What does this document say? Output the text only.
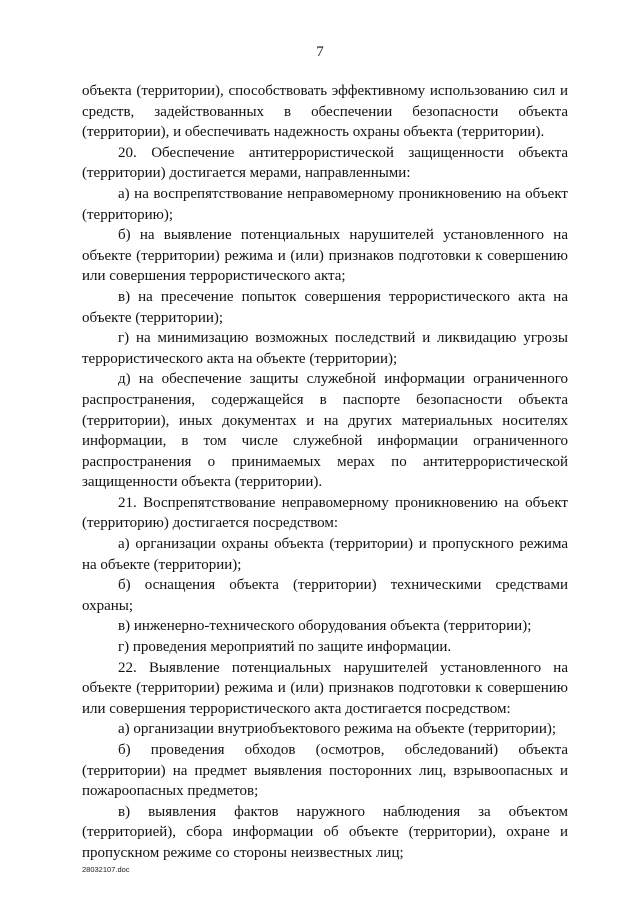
7

объекта (территории), способствовать эффективному использованию сил и средств, задействованных в обеспечении безопасности объекта (территории), и обеспечивать надежность охраны объекта (территории).

20. Обеспечение антитеррористической защищенности объекта (территории) достигается мерами, направленными:

а) на воспрепятствование неправомерному проникновению на объект (территорию);

б) на выявление потенциальных нарушителей установленного на объекте (территории) режима и (или) признаков подготовки к совершению или совершения террористического акта;

в) на пресечение попыток совершения террористического акта на объекте (территории);

г) на минимизацию возможных последствий и ликвидацию угрозы террористического акта на объекте (территории);

д) на обеспечение защиты служебной информации ограниченного распространения, содержащейся в паспорте безопасности объекта (территории), иных документах и на других материальных носителях информации, в том числе служебной информации ограниченного распространения о принимаемых мерах по антитеррористической защищенности объекта (территории).

21. Воспрепятствование неправомерному проникновению на объект (территорию) достигается посредством:

а) организации охраны объекта (территории) и пропускного режима на объекте (территории);

б) оснащения объекта (территории) техническими средствами охраны;

в) инженерно-технического оборудования объекта (территории);

г) проведения мероприятий по защите информации.

22. Выявление потенциальных нарушителей установленного на объекте (территории) режима и (или) признаков подготовки к совершению или совершения террористического акта достигается посредством:

а) организации внутриобъектового режима на объекте (территории);

б) проведения обходов (осмотров, обследований) объекта (территории) на предмет выявления посторонних лиц, взрывоопасных и пожароопасных предметов;

в) выявления фактов наружного наблюдения за объектом (территорией), сбора информации об объекте (территории), охране и пропускном режиме со стороны неизвестных лиц;

28032107.doc
